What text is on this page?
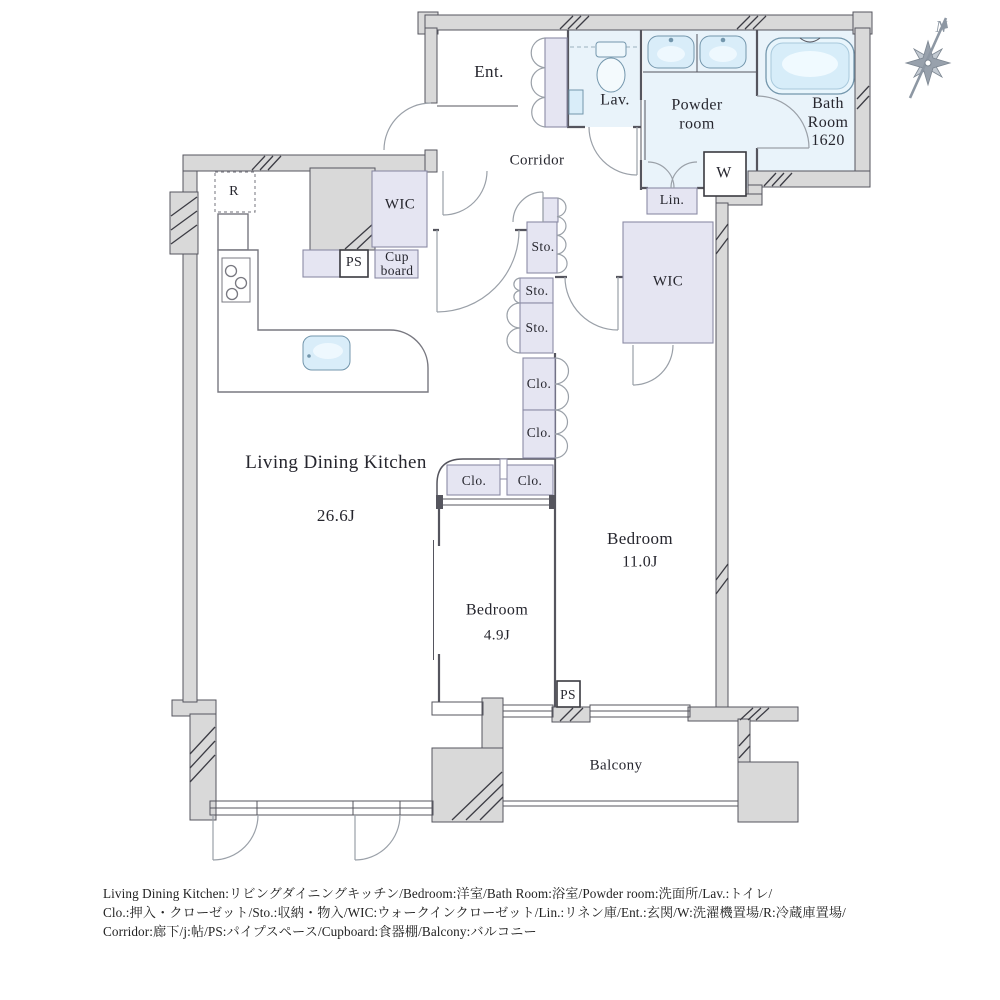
Ent.
Corridor
Lav.	Powder
room
Bath
Room
1620
W
Lin.
WIC
PS	Cup
board
R
Sto.
Sto.
Sto.
Clo.
Clo.
Clo. Clo.
WIC
Living Dining Kitchen
26.6J
Bedroom
11.0J
Bedroom
4.9J
PS
Balcony
N
Living Dining Kitchen:リビングダイニングキッチン/Bedroom:洋室/Bath Room:浴室/Powder room:洗面所/Lav.:トイレ/
Clo.:押入・クローゼット/Sto.:収納・物入/WIC:ウォークインクローゼット/Lin.:リネン庫/Ent.:玄関/W:洗濯機置場/R:冷蔵庫置場/
Corridor:廊下/j:帖/PS:パイプスペース/Cupboard:食器棚/Balcony:バルコニー
